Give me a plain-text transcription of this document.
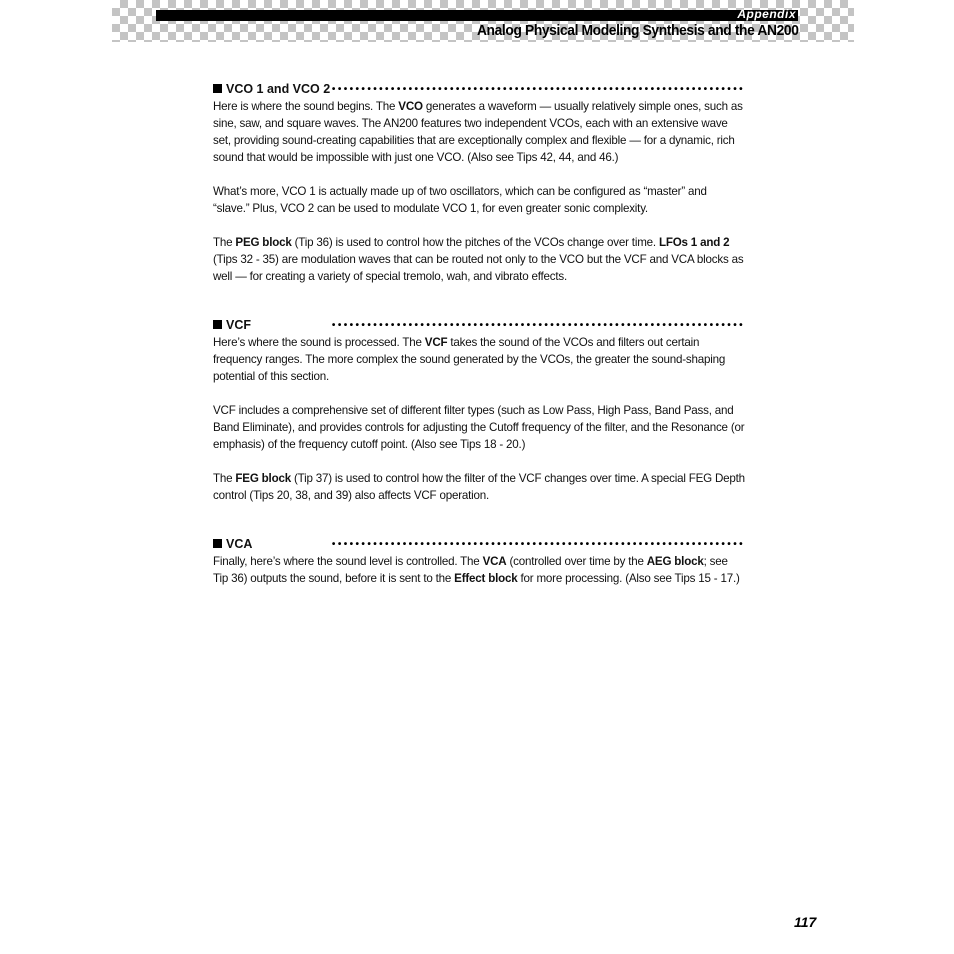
Appendix
Analog Physical Modeling Synthesis and the AN200
VCO 1 and VCO 2 ••••••••••••••••••••••••••••••••••••••••••••••••••••••••••••••••••••••

Here is where the sound begins. The VCO generates a waveform — usually relatively simple ones, such as sine, saw, and square waves. The AN200 features two independent VCOs, each with an extensive wave set, providing sound-creating capabilities that are exceptionally complex and flexible — for a dynamic, rich sound that would be impossible with just one VCO. (Also see Tips 42, 44, and 46.)

What’s more, VCO 1 is actually made up of two oscillators, which can be configured as “master” and “slave.” Plus, VCO 2 can be used to modulate VCO 1, for even greater sonic complexity.

The PEG block (Tip 36) is used to control how the pitches of the VCOs change over time. LFOs 1 and 2 (Tips 32 - 35) are modulation waves that can be routed not only to the VCO but the VCF and VCA blocks as well — for creating a variety of special tremolo, wah, and vibrato effects.

VCF	••••••••••••••••••••••••••••••••••••••••••••••••••••••••••••••••••••••

Here’s where the sound is processed. The VCF takes the sound of the VCOs and filters out certain frequency ranges. The more complex the sound generated by the VCOs, the greater the sound-shaping potential of this section.

VCF includes a comprehensive set of different filter types (such as Low Pass, High Pass, Band Pass, and Band Eliminate), and provides controls for adjusting the Cutoff frequency of the filter, and the Resonance (or emphasis) of the frequency cutoff point. (Also see Tips 18 - 20.)

The FEG block (Tip 37) is used to control how the filter of the VCF changes over time. A special FEG Depth control (Tips 20, 38, and 39) also affects VCF operation.

VCA	••••••••••••••••••••••••••••••••••••••••••••••••••••••••••••••••••••••

Finally, here’s where the sound level is controlled. The VCA (controlled over time by the AEG block; see Tip 36) outputs the sound, before it is sent to the Effect block for more processing. (Also see Tips 15 - 17.)

117
